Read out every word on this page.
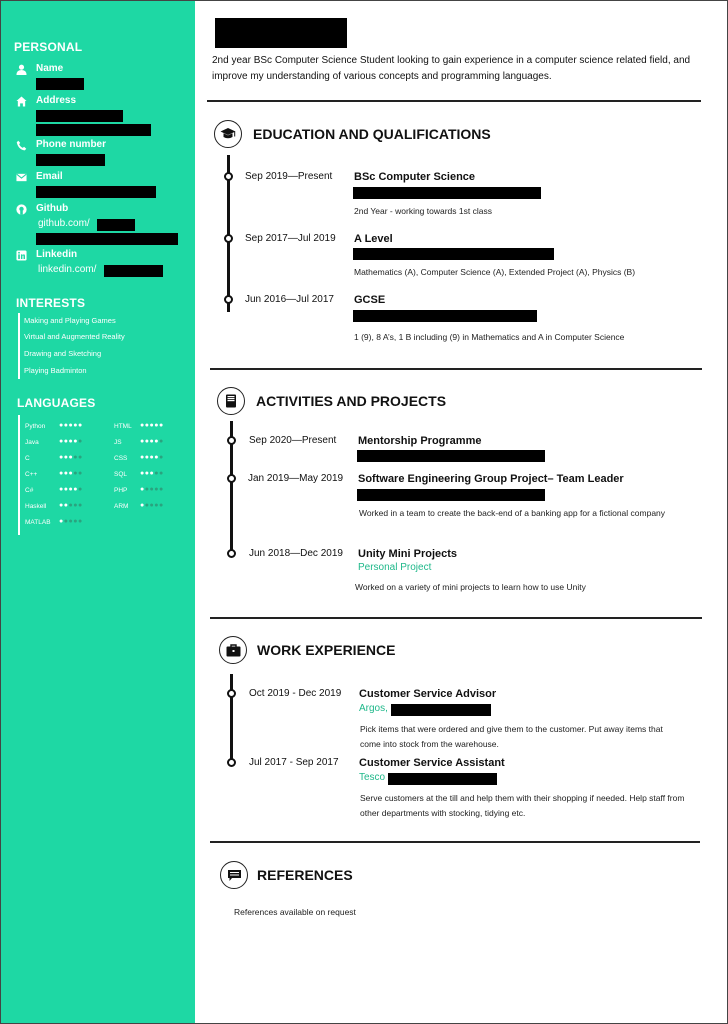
PERSONAL
Name
Address
Phone number
Email
Github
github.com/
Linkedin
linkedin.com/
INTERESTS
Making and Playing Games
Virtual and Augmented Reality
Drawing and Sketching
Playing Badminton
LANGUAGES
Python ●●●●●
Java	●●●●●
C	●●●●●
C++	●●●●●
C#	●●●●●
Haskell ●●●●●
MATLAB ●●●●●
HTML ●●●●●
JS	●●●●●
CSS ●●●●●
SQL ●●●●●
PHP ●●●●●
ARM ●●●●●
2nd year BSc Computer Science Student looking to gain experience in a computer science related field, and improve my understanding of various concepts and programming languages.
EDUCATION AND QUALIFICATIONS
Sep 2019—Present BSc Computer Science
2nd Year - working towards 1st class
Sep 2017—Jul 2019 A Level
Mathematics (A), Computer Science (A), Extended Project (A), Physics (B)
Jun 2016—Jul 2017 GCSE
1 (9), 8 A’s, 1 B including (9) in Mathematics and A in Computer Science
ACTIVITIES AND PROJECTS
Sep 2020—Present Mentorship Programme
Jan 2019—May 2019 Software Engineering Group Project– Team Leader
Worked in a team to create the back-end of a banking app for a fictional company
Jun 2018—Dec 2019 Unity Mini Projects
Personal Project
Worked on a variety of mini projects to learn how to use Unity
WORK EXPERIENCE
Oct 2019 - Dec 2019 Customer Service Advisor
Argos,
Pick items that were ordered and give them to the customer. Put away items that come into stock from the warehouse.
Jul 2017 - Sep 2017 Customer Service Assistant
Tesco
Serve customers at the till and help them with their shopping if needed. Help staff from other departments with stocking, tidying etc.
REFERENCES
References available on request
